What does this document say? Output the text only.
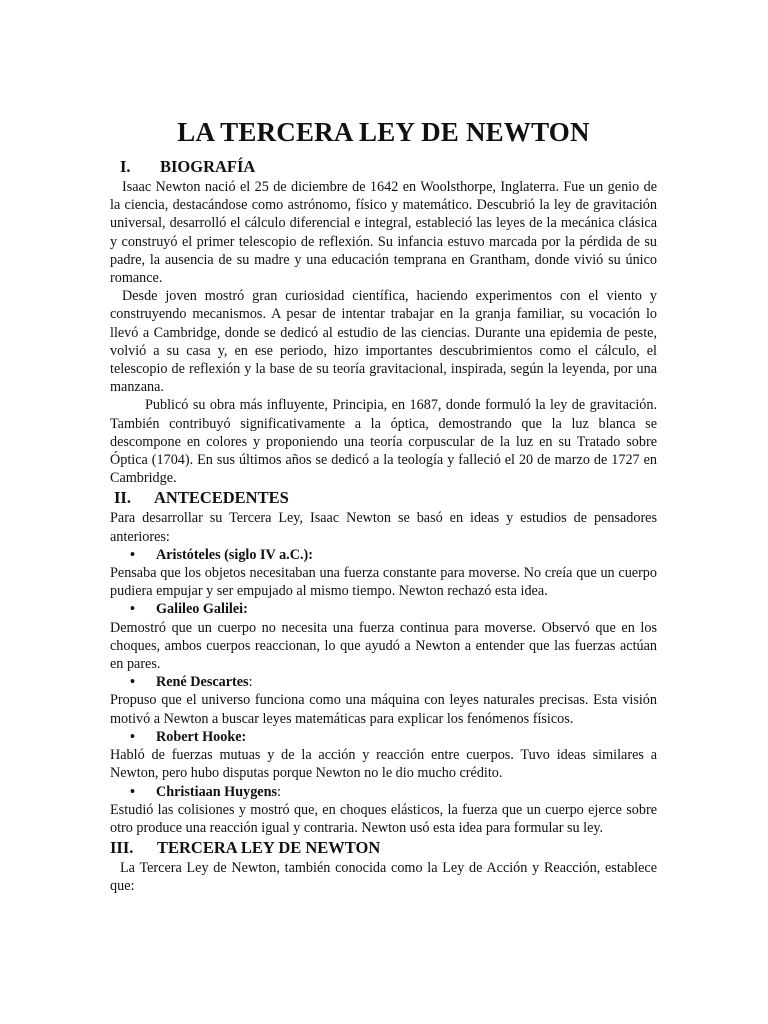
LA TERCERA LEY DE NEWTON
I.	BIOGRAFÍA

Isaac Newton nació el 25 de diciembre de 1642 en Woolsthorpe, Inglaterra. Fue un genio de la ciencia, destacándose como astrónomo, físico y matemático. Descubrió la ley de gravitación universal, desarrolló el cálculo diferencial e integral, estableció las leyes de la mecánica clásica y construyó el primer telescopio de reflexión. Su infancia estuvo marcada por la pérdida de su padre, la ausencia de su madre y una educación temprana en Grantham, donde vivió su único romance.

Desde joven mostró gran curiosidad científica, haciendo experimentos con el viento y construyendo mecanismos. A pesar de intentar trabajar en la granja familiar, su vocación lo llevó a Cambridge, donde se dedicó al estudio de las ciencias. Durante una epidemia de peste, volvió a su casa y, en ese periodo, hizo importantes descubrimientos como el cálculo, el telescopio de reflexión y la base de su teoría gravitacional, inspirada, según la leyenda, por una manzana.

Publicó su obra más influyente, Principia, en 1687, donde formuló la ley de gravitación. También contribuyó significativamente a la óptica, demostrando que la luz blanca se descompone en colores y proponiendo una teoría corpuscular de la luz en su Tratado sobre Óptica (1704). En sus últimos años se dedicó a la teología y falleció el 20 de marzo de 1727 en Cambridge.

II.	ANTECEDENTES

Para desarrollar su Tercera Ley, Isaac Newton se basó en ideas y estudios de pensadores anteriores:

•	Aristóteles (siglo IV a.C.):

Pensaba que los objetos necesitaban una fuerza constante para moverse. No creía que un cuerpo pudiera empujar y ser empujado al mismo tiempo. Newton rechazó esta idea.

•	Galileo Galilei:

Demostró que un cuerpo no necesita una fuerza continua para moverse. Observó que en los choques, ambos cuerpos reaccionan, lo que ayudó a Newton a entender que las fuerzas actúan en pares.

•	René Descartes :

Propuso que el universo funciona como una máquina con leyes naturales precisas. Esta visión motivó a Newton a buscar leyes matemáticas para explicar los fenómenos físicos.

•	Robert Hooke:

Habló de fuerzas mutuas y de la acción y reacción entre cuerpos. Tuvo ideas similares a Newton, pero hubo disputas porque Newton no le dio mucho crédito.

•	Christiaan Huygens :

Estudió las colisiones y mostró que, en choques elásticos, la fuerza que un cuerpo ejerce sobre otro produce una reacción igual y contraria. Newton usó esta idea para formular su ley.

III.	TERCERA LEY DE NEWTON

La Tercera Ley de Newton, también conocida como la Ley de Acción y Reacción, establece que:
